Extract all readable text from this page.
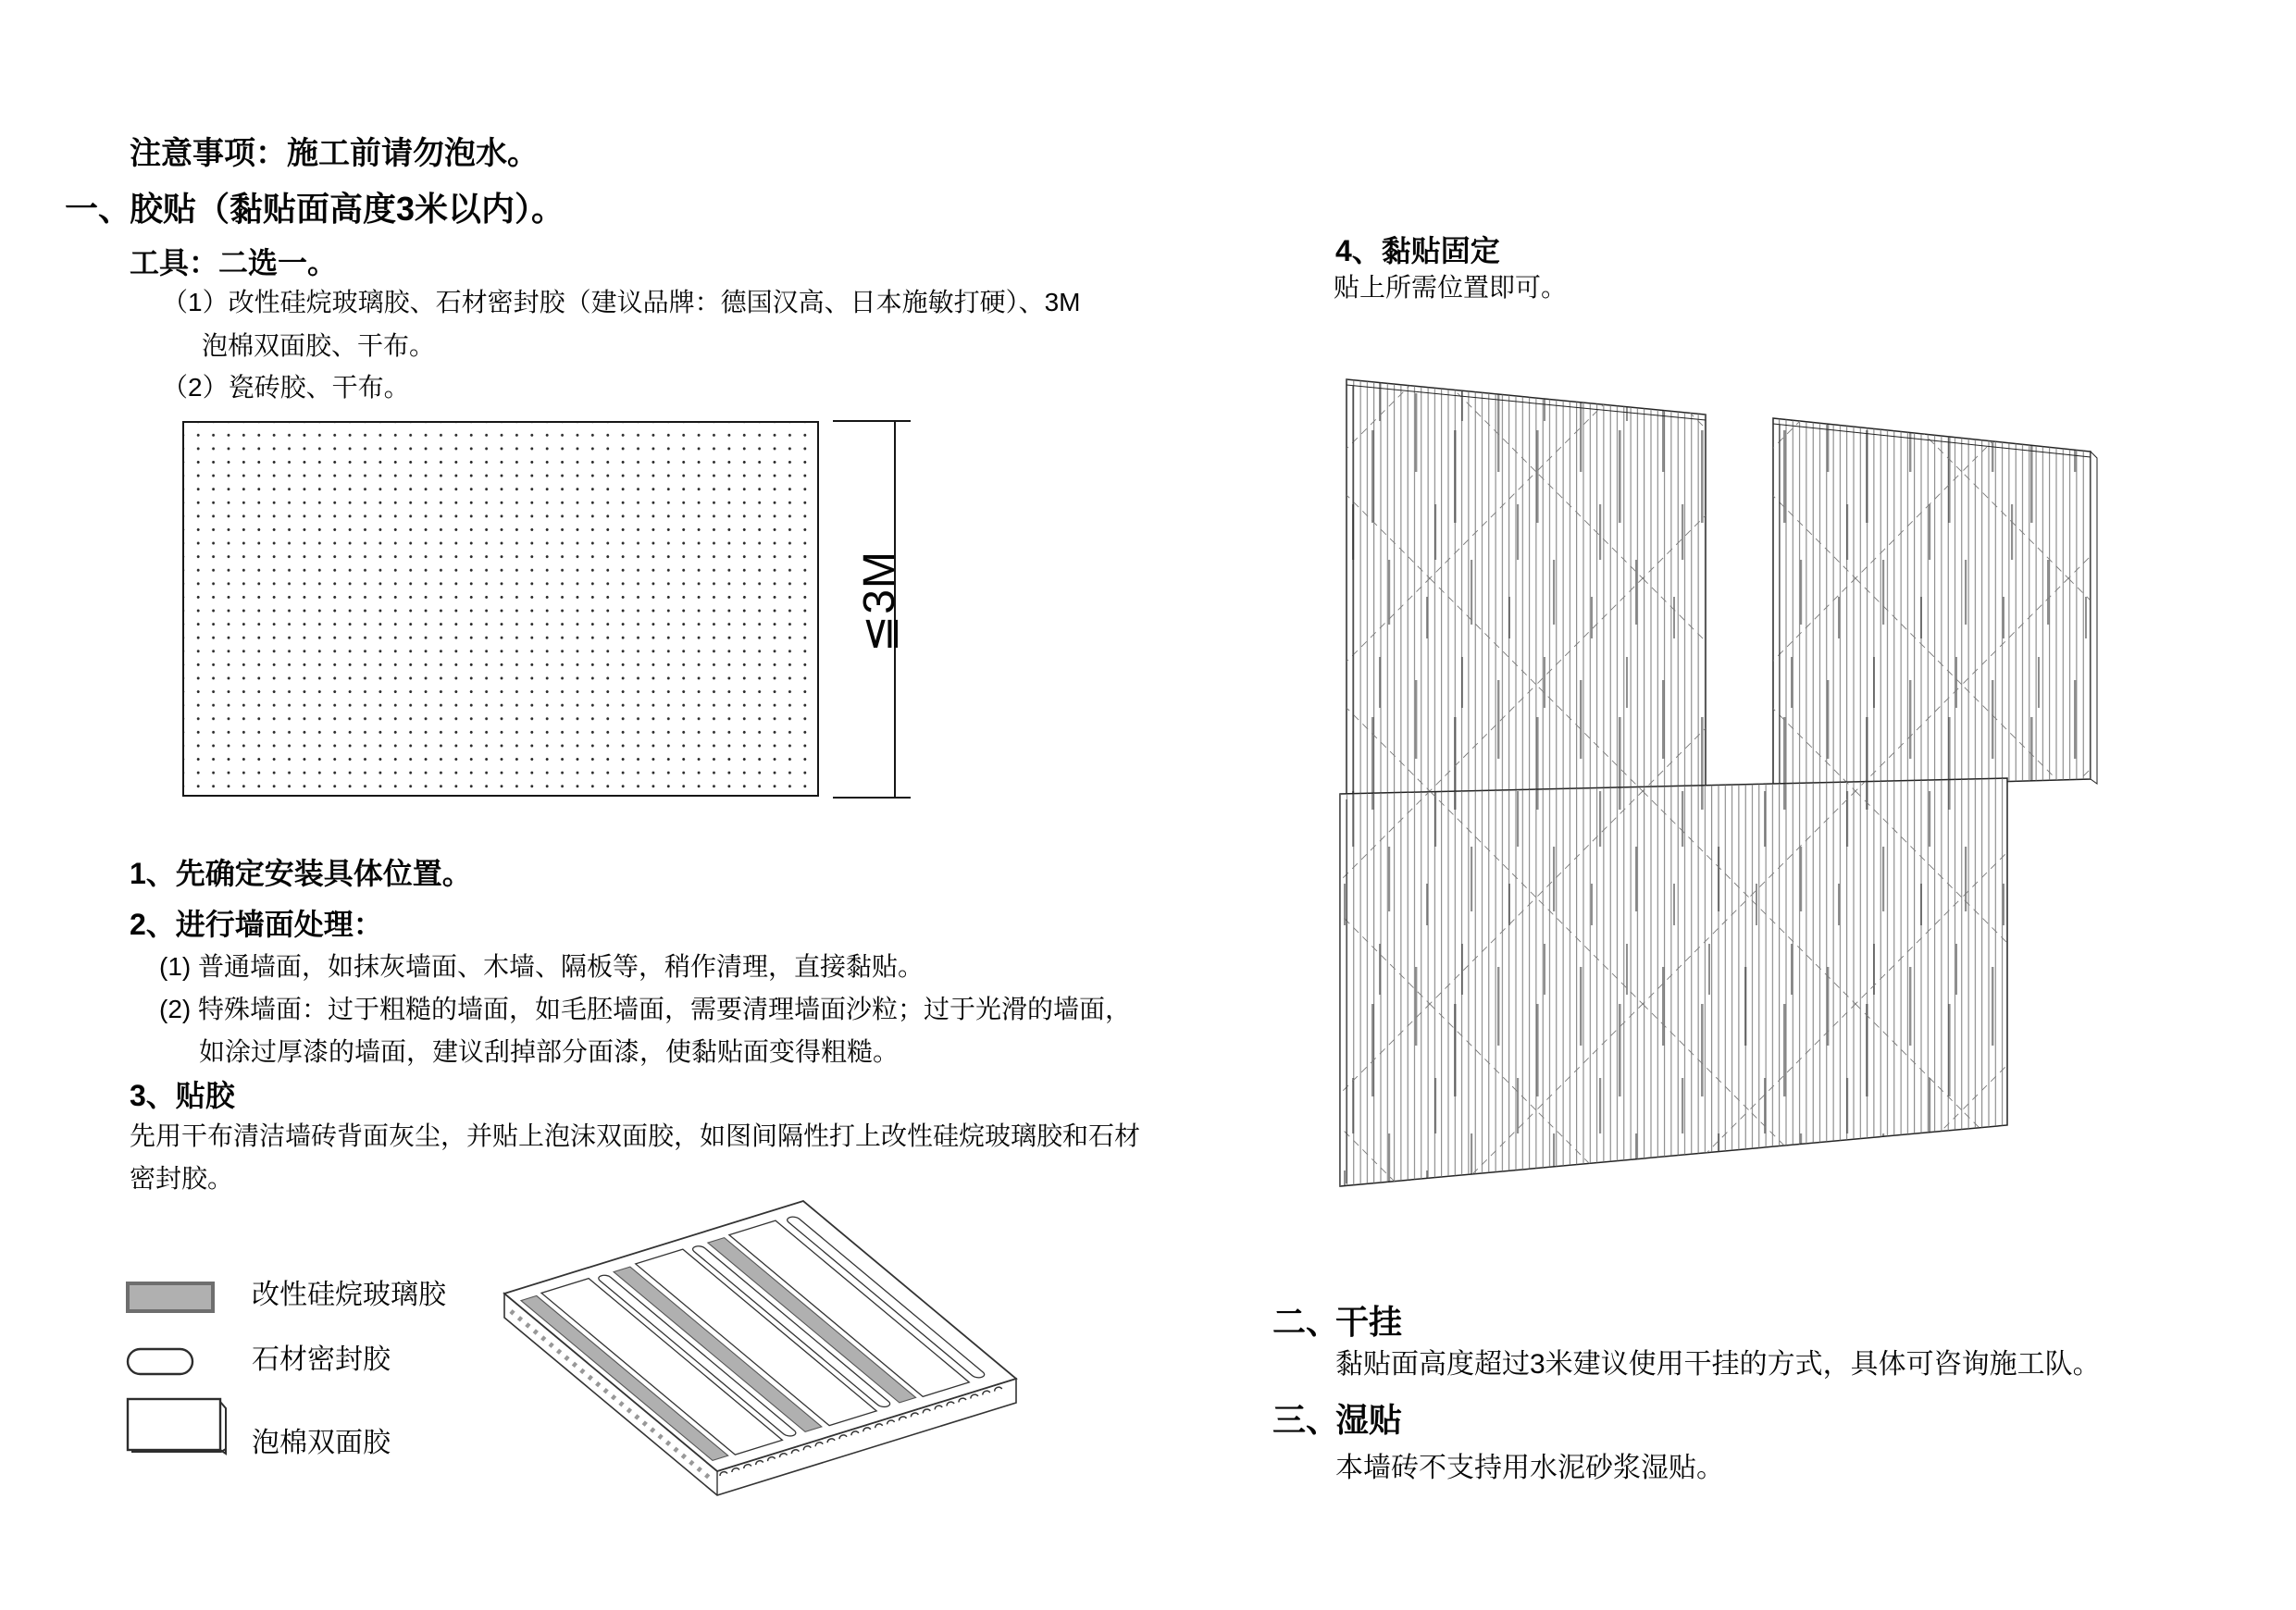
注意事项：施工前请勿泡水。
一、
胶贴（黏贴面高度3米以内）。
工具：二选一。
（1）改性硅烷玻璃胶、石材密封胶（建议品牌：德国汉高、日本施敏打硬）、3M
泡棉双面胶、干布。
（2）瓷砖胶、干布。
≦3M
1、先确定安装具体位置。
2、进行墙面处理：
(1) 普通墙面，如抹灰墙面、木墙、隔板等，稍作清理，直接黏贴。
(2) 特殊墙面：过于粗糙的墙面，如毛胚墙面，需要清理墙面沙粒；过于光滑的墙面，
如涂过厚漆的墙面，建议刮掉部分面漆，使黏贴面变得粗糙。
3、贴胶
先用干布清洁墙砖背面灰尘，并贴上泡沫双面胶，如图间隔性打上改性硅烷玻璃胶和石材
密封胶。
改性硅烷玻璃胶
石材密封胶
泡棉双面胶
4、黏贴固定
贴上所需位置即可。
二、
干挂
黏贴面高度超过3米建议使用干挂的方式，具体可咨询施工队。
三、
湿贴
本墙砖不支持用水泥砂浆湿贴。
